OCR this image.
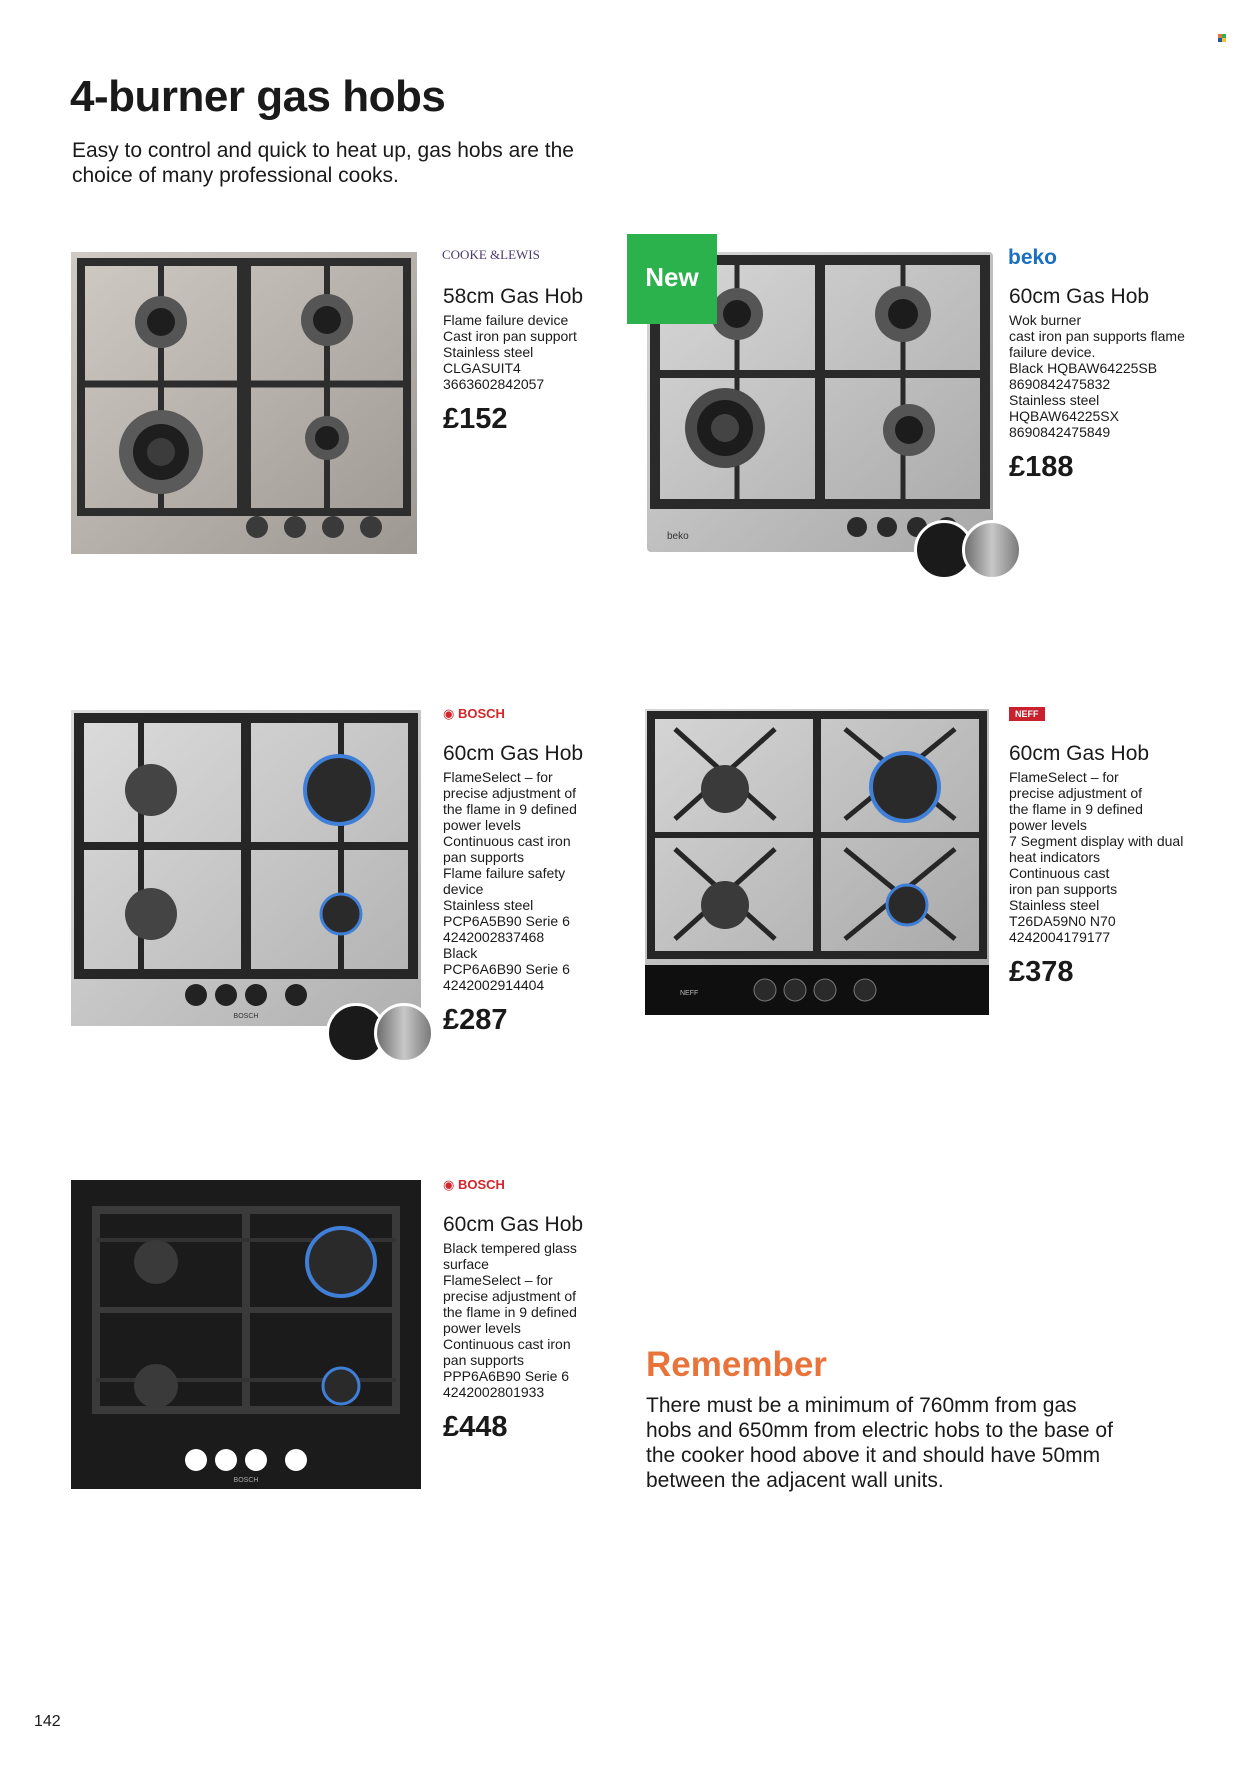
4-burner gas hobs
Easy to control and quick to heat up, gas hobs are the choice of many professional cooks.
COOKE &LEWIS
58cm Gas Hob
Flame failure device
Cast iron pan support
Stainless steel
CLGASUIT4
3663602842057
£152
beko
New
beko
60cm Gas Hob
Wok burner
cast iron pan supports flame failure device.
Black HQBAW64225SB
8690842475832
Stainless steel
HQBAW64225SX
8690842475849
£188
BOSCH
◉ BOSCH
60cm Gas Hob
FlameSelect – for precise adjustment of the flame in 9 defined power levels
Continuous cast iron pan supports
Flame failure safety device
Stainless steel
PCP6A5B90 Serie 6
4242002837468
Black
PCP6A6B90 Serie 6
4242002914404
£287
NEFF
NEFF
60cm Gas Hob
FlameSelect – for precise adjustment of the flame in 9 defined power levels
7 Segment display with dual heat indicators
Continuous cast iron pan supports
Stainless steel
T26DA59N0 N70
4242004179177
£378
BOSCH
◉ BOSCH
60cm Gas Hob
Black tempered glass surface
FlameSelect – for precise adjustment of the flame in 9 defined power levels
Continuous cast iron pan supports
PPP6A6B90 Serie 6
4242002801933
£448
Remember
There must be a minimum of 760mm from gas hobs and 650mm from electric hobs to the base of the cooker hood above it and should have 50mm between the adjacent wall units.
142
